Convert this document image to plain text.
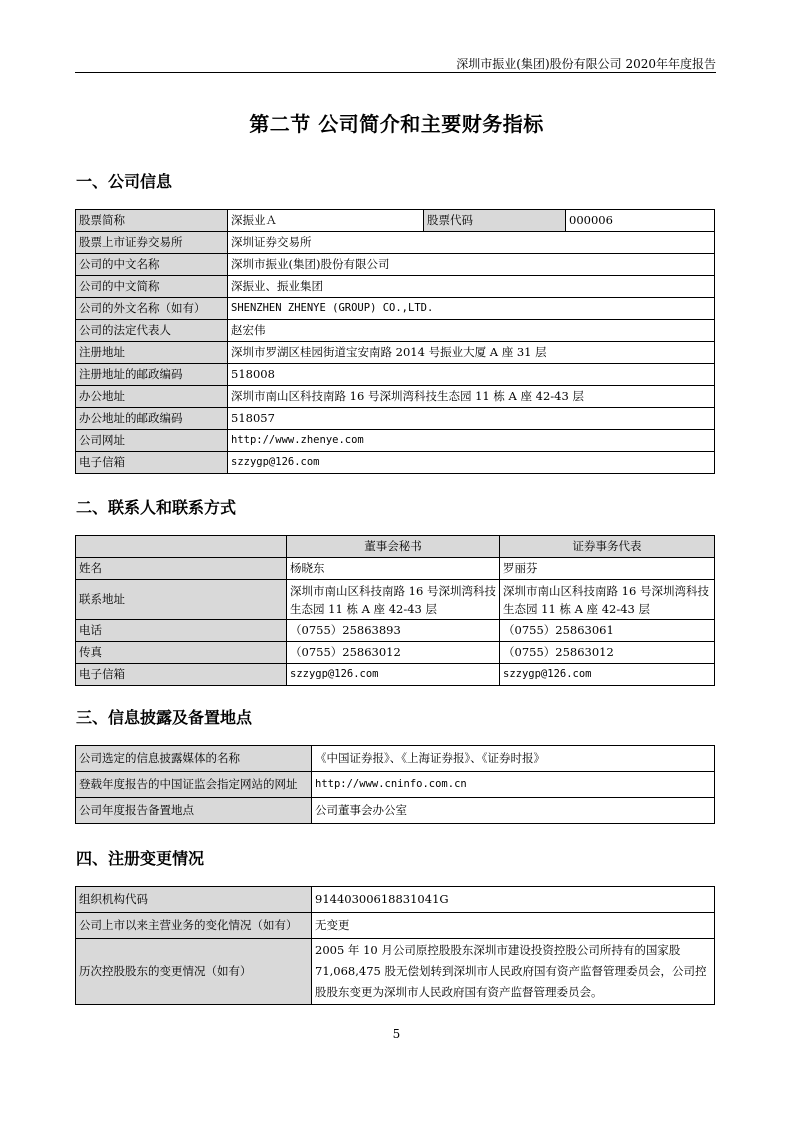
深圳市振业(集团)股份有限公司 2020年年度报告
第二节 公司简介和主要财务指标
一、公司信息
股票简称	深振业Ａ	股票代码	000006
股票上市证券交易所	深圳证券交易所		
公司的中文名称	深圳市振业(集团)股份有限公司		
公司的中文简称	深振业、振业集团		
公司的外文名称（如有）	SHENZHEN ZHENYE (GROUP) CO.,LTD.		
公司的法定代表人	赵宏伟		
注册地址	深圳市罗湖区桂园街道宝安南路 2014 号振业大厦 A 座 31 层		
注册地址的邮政编码	518008		
办公地址	深圳市南山区科技南路 16 号深圳湾科技生态园 11 栋 A 座 42-43 层		
办公地址的邮政编码	518057		
公司网址	http://www.zhenye.com		
电子信箱	szzygp@126.com		
二、联系人和联系方式
	董事会秘书	证券事务代表
姓名	杨晓东	罗丽芬
联系地址	深圳市南山区科技南路 16 号深圳湾科技生态园 11 栋 A 座 42-43 层	深圳市南山区科技南路 16 号深圳湾科技生态园 11 栋 A 座 42-43 层
电话	（0755）25863893	（0755）25863061
传真	（0755）25863012	（0755）25863012
电子信箱	szzygp@126.com	szzygp@126.com
三、信息披露及备置地点
公司选定的信息披露媒体的名称	《中国证券报》、《上海证券报》、《证券时报》
登载年度报告的中国证监会指定网站的网址	http://www.cninfo.com.cn
公司年度报告备置地点	公司董事会办公室
四、注册变更情况
组织机构代码	91440300618831041G
公司上市以来主营业务的变化情况（如有）	无变更
历次控股股东的变更情况（如有）	2005 年 10 月公司原控股股东深圳市建设投资控股公司所持有的国家股 71,068,475 股无偿划转到深圳市人民政府国有资产监督管理委员会，公司控股股东变更为深圳市人民政府国有资产监督管理委员会。
5
